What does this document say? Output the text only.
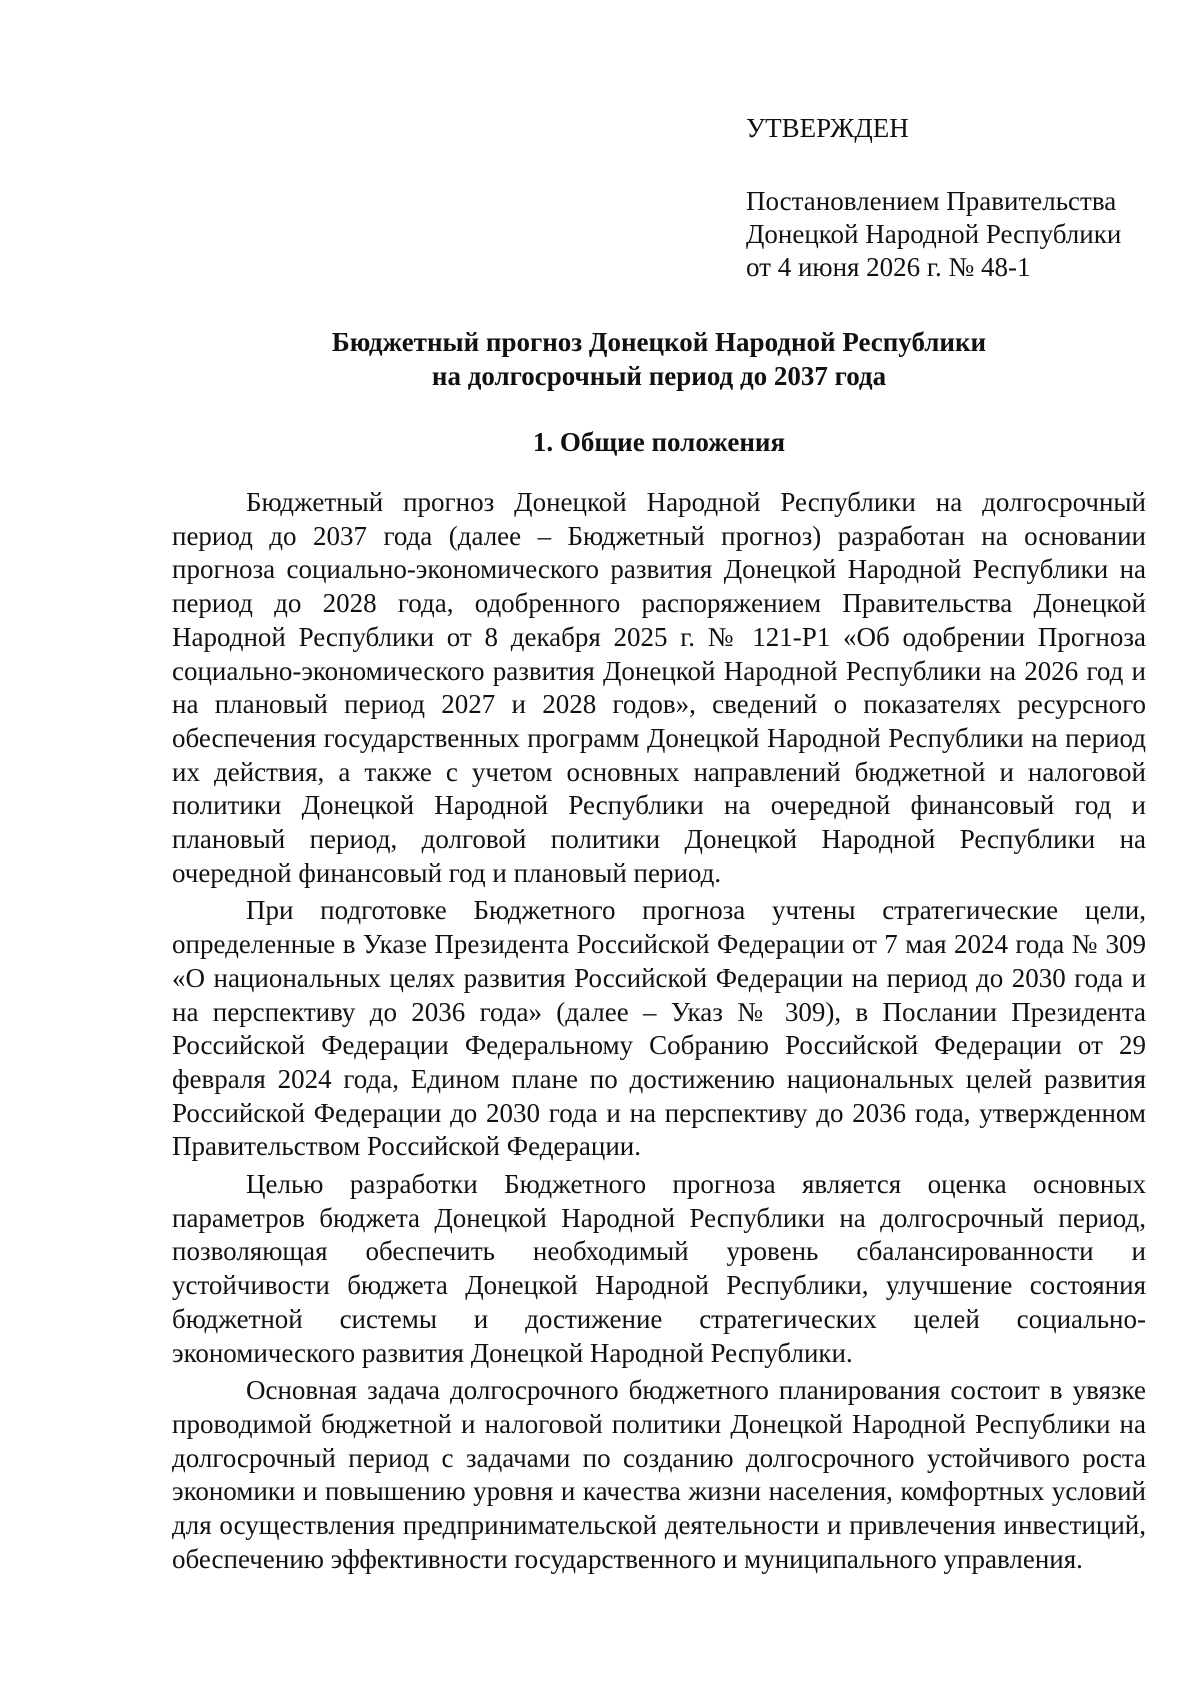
УТВЕРЖДЕН
Постановлением Правительства
Донецкой Народной Республики
от 4 июня 2026 г. № 48-1
Бюджетный прогноз Донецкой Народной Республики
на долгосрочный период до 2037 года
1. Общие положения

Бюджетный прогноз Донецкой Народной Республики на долгосрочный период до 2037 года (далее – Бюджетный прогноз) разработан на основании прогноза социально-экономического развития Донецкой Народной Республики на период до 2028 года, одобренного распоряжением Правительства Донецкой Народной Республики от 8 декабря 2025 г. № 121-Р1 «Об одобрении Прогноза социально-экономического развития Донецкой Народной Республики на 2026 год и на плановый период 2027 и 2028 годов», сведений о показателях ресурсного обеспечения государственных программ Донецкой Народной Республики на период их действия, а также с учетом основных направлений бюджетной и налоговой политики Донецкой Народной Республики на очередной финансовый год и плановый период, долговой политики Донецкой Народной Республики на очередной финансовый год и плановый период.

При подготовке Бюджетного прогноза учтены стратегические цели, определенные в Указе Президента Российской Федерации от 7 мая 2024 года № 309 «О национальных целях развития Российской Федерации на период до 2030 года и на перспективу до 2036 года» (далее – Указ № 309), в Послании Президента Российской Федерации Федеральному Собранию Российской Федерации от 29 февраля 2024 года, Едином плане по достижению национальных целей развития Российской Федерации до 2030 года и на перспективу до 2036 года, утвержденном Правительством Российской Федерации.

Целью разработки Бюджетного прогноза является оценка основных параметров бюджета Донецкой Народной Республики на долгосрочный период, позволяющая обеспечить необходимый уровень сбалансированности и устойчивости бюджета Донецкой Народной Республики, улучшение состояния бюджетной системы и достижение стратегических целей социально-экономического развития Донецкой Народной Республики.

Основная задача долгосрочного бюджетного планирования состоит в увязке проводимой бюджетной и налоговой политики Донецкой Народной Республики на долгосрочный период с задачами по созданию долгосрочного устойчивого роста экономики и повышению уровня и качества жизни населения, комфортных условий для осуществления предпринимательской деятельности и привлечения инвестиций, обеспечению эффективности государственного и муниципального управления.
